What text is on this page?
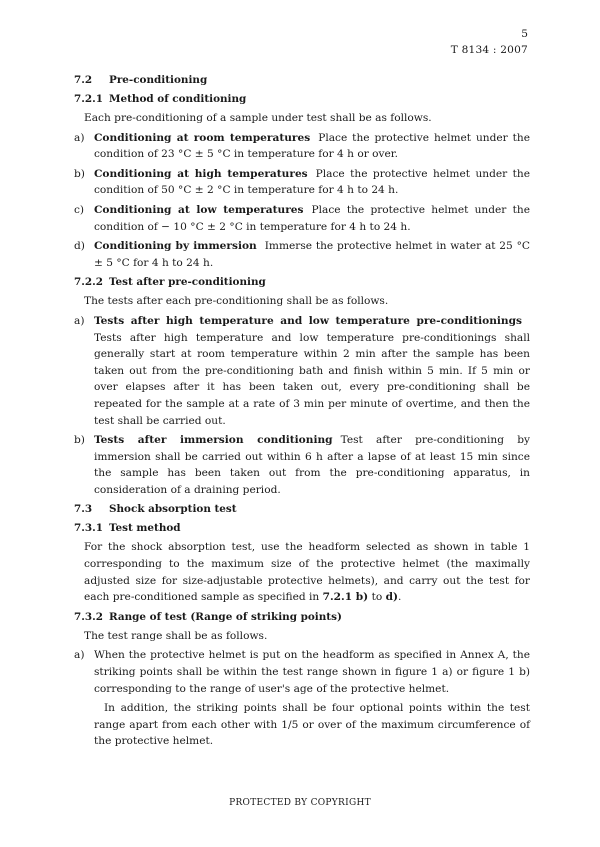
5
T 8134 : 2007
7.2 Pre-conditioning
7.2.1 Method of conditioning
Each pre-conditioning of a sample under test shall be as follows.
a) Conditioning at room temperatures Place the protective helmet under the condition of 23 °C ± 5 °C in temperature for 4 h or over.
b) Conditioning at high temperatures Place the protective helmet under the condition of 50 °C ± 2 °C in temperature for 4 h to 24 h.
c) Conditioning at low temperatures Place the protective helmet under the condition of − 10 °C ± 2 °C in temperature for 4 h to 24 h.
d) Conditioning by immersion Immerse the protective helmet in water at 25 °C ± 5 °C for 4 h to 24 h.
7.2.2 Test after pre-conditioning
The tests after each pre-conditioning shall be as follows.
a) Tests after high temperature and low temperature pre-conditioningsTests after high temperature and low temperature pre-conditionings shall generally start at room temperature within 2 min after the sample has been taken out from the pre-conditioning bath and finish within 5 min. If 5 min or over elapses after it has been taken out, every pre-conditioning shall be repeated for the sample at a rate of 3 min per minute of overtime, and then the test shall be carried out.
b) Tests after immersion conditioning Test after pre-conditioning by immersion shall be carried out within 6 h after a lapse of at least 15 min since the sample has been taken out from the pre-conditioning apparatus, in consideration of a draining period.
7.3 Shock absorption test
7.3.1 Test method
For the shock absorption test, use the headform selected as shown in table 1 corresponding to the maximum size of the protective helmet (the maximally adjusted size for size-adjustable protective helmets), and carry out the test for each pre-conditioned sample as specified in 7.2.1 b) to d).
7.3.2 Range of test (Range of striking points)
The test range shall be as follows.
a) When the protective helmet is put on the headform as specified in Annex A, the striking points shall be within the test range shown in figure 1 a) or figure 1 b) corresponding to the range of user's age of the protective helmet.
In addition, the striking points shall be four optional points within the test range apart from each other with 1/5 or over of the maximum circumference of the protective helmet.
PROTECTED BY COPYRIGHT
